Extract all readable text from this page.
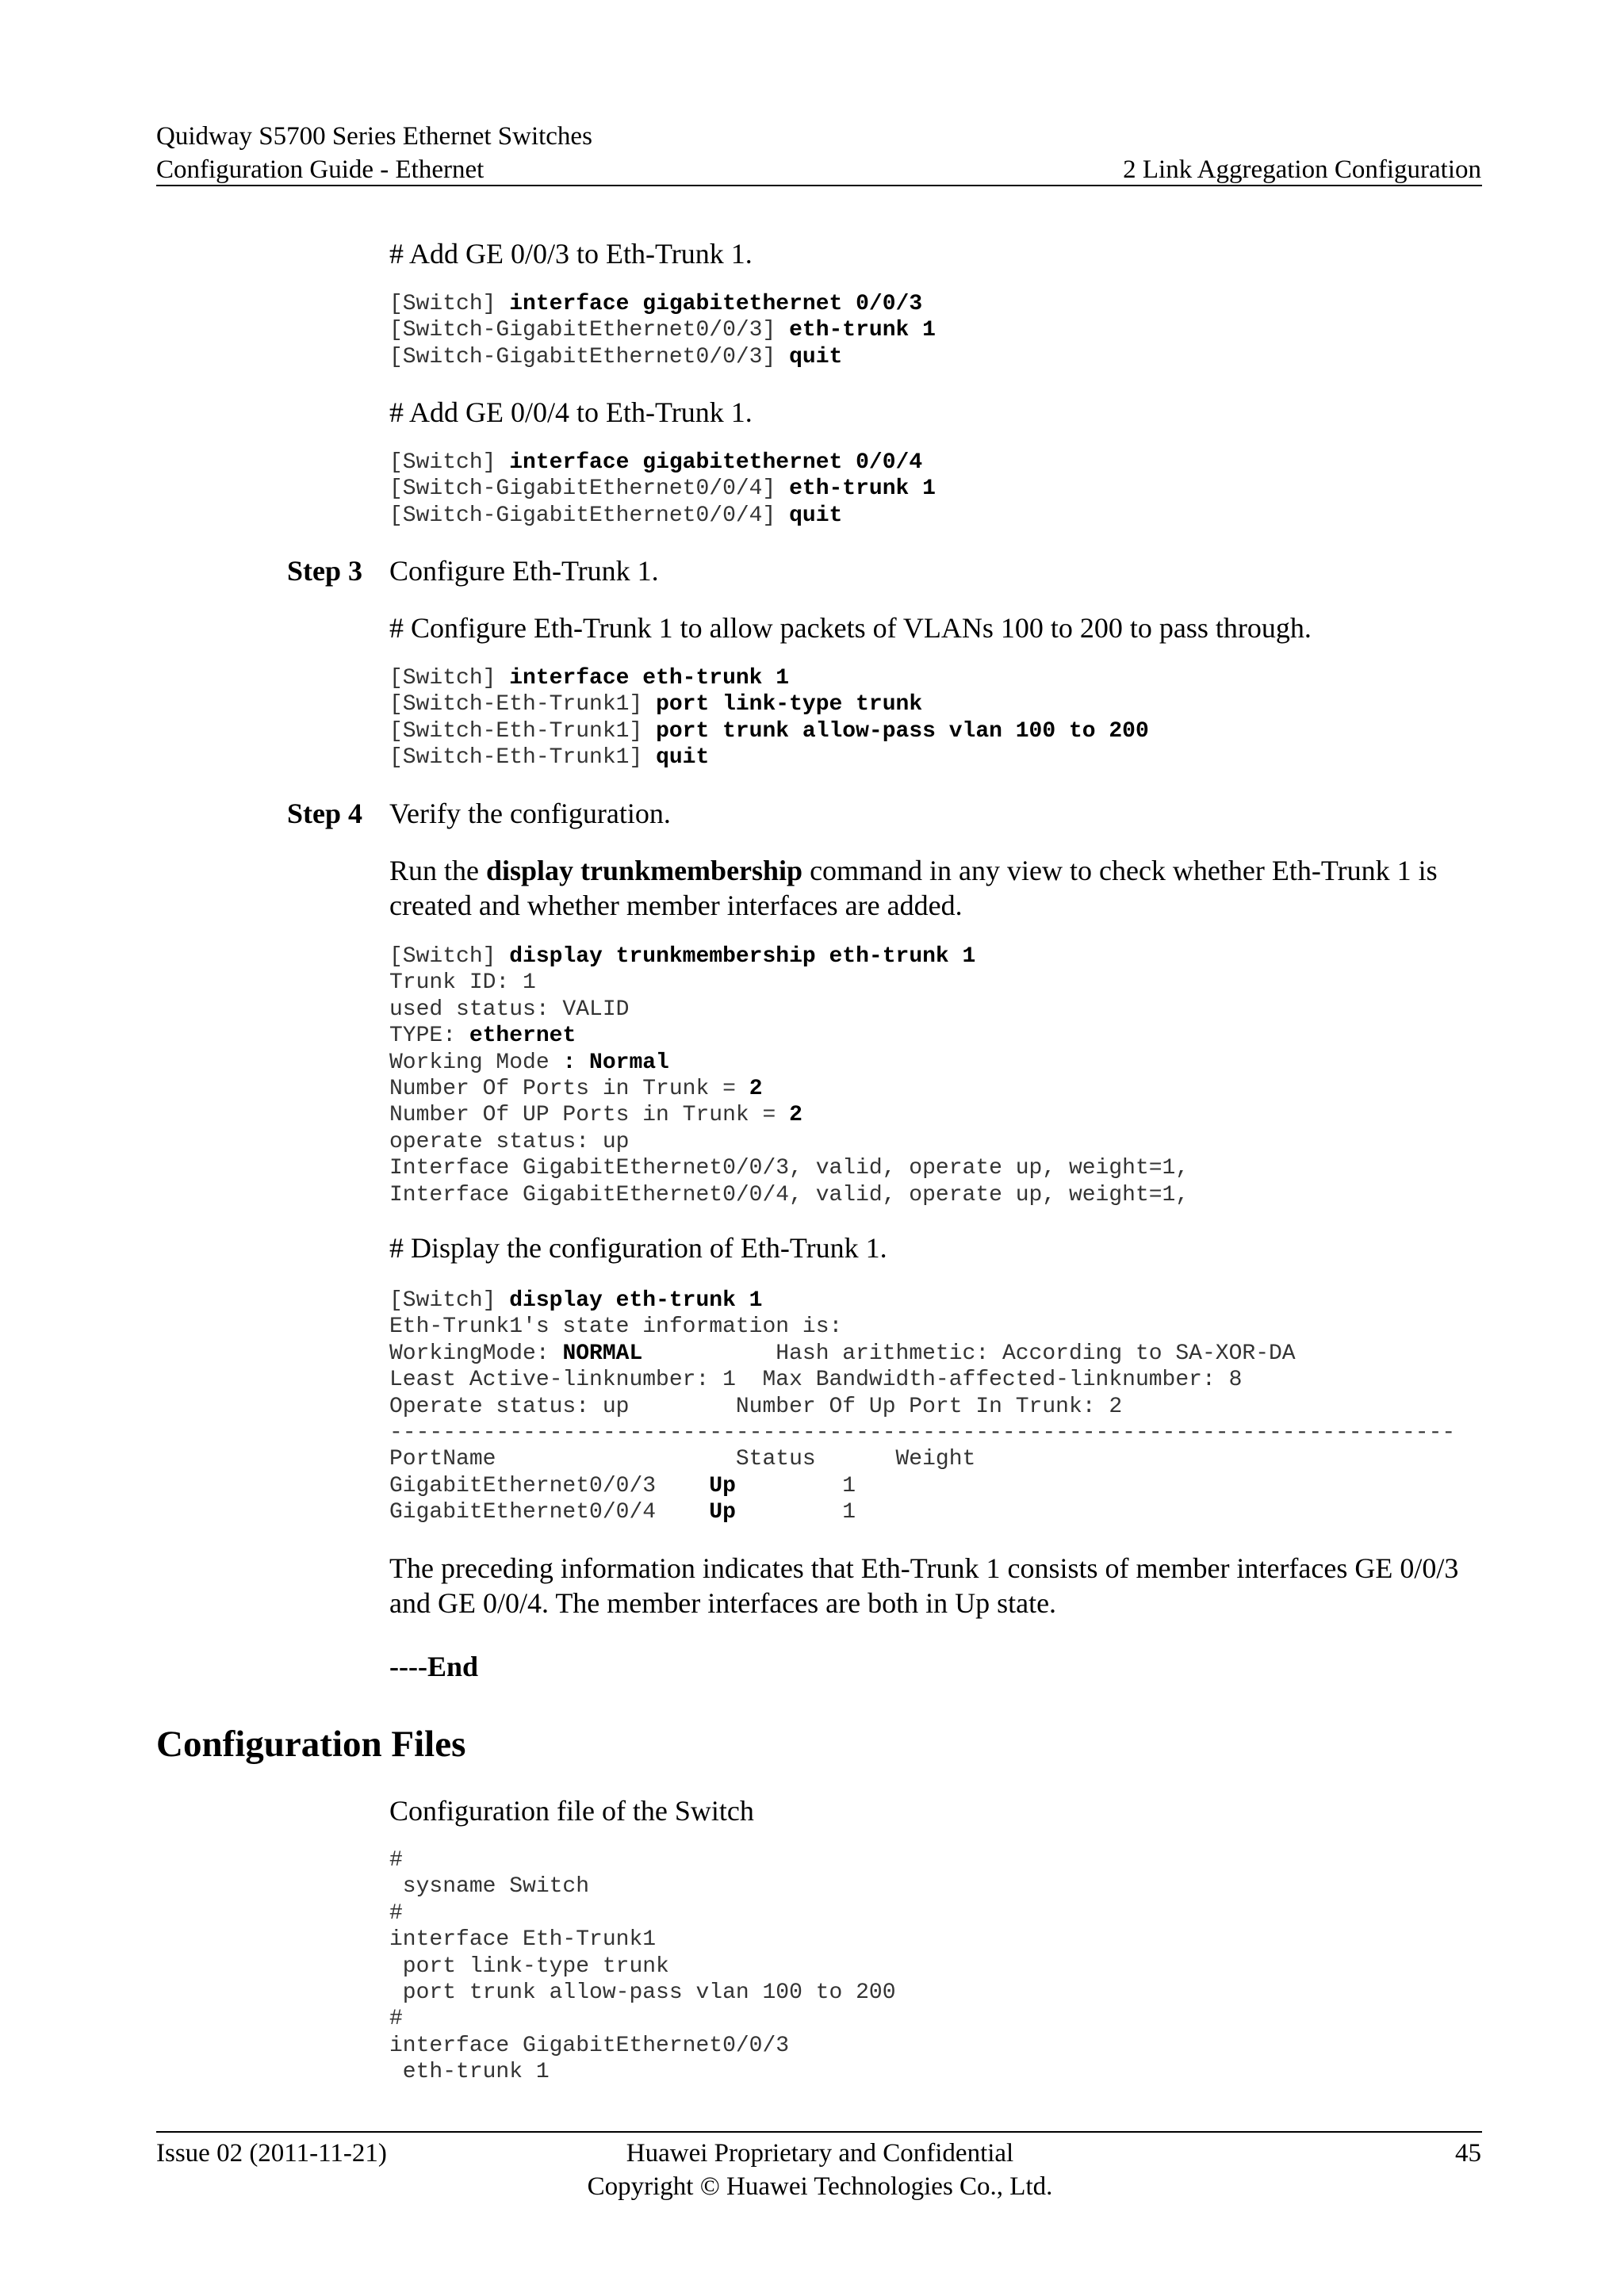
Quidway S5700 Series Ethernet Switches
Configuration Guide - Ethernet	2 Link Aggregation Configuration
# Add GE 0/0/3 to Eth-Trunk 1.
[Switch] interface gigabitethernet 0/0/3
[Switch-GigabitEthernet0/0/3] eth-trunk 1
[Switch-GigabitEthernet0/0/3] quit
# Add GE 0/0/4 to Eth-Trunk 1.
[Switch] interface gigabitethernet 0/0/4
[Switch-GigabitEthernet0/0/4] eth-trunk 1
[Switch-GigabitEthernet0/0/4] quit
Step 3 Configure Eth-Trunk 1.
# Configure Eth-Trunk 1 to allow packets of VLANs 100 to 200 to pass through.
[Switch] interface eth-trunk 1
[Switch-Eth-Trunk1] port link-type trunk
[Switch-Eth-Trunk1] port trunk allow-pass vlan 100 to 200
[Switch-Eth-Trunk1] quit
Step 4 Verify the configuration.
Run the display trunkmembership command in any view to check whether Eth-Trunk 1 is created and whether member interfaces are added.
[Switch] display trunkmembership eth-trunk 1
Trunk ID: 1
used status: VALID
TYPE: ethernet
Working Mode : Normal
Number Of Ports in Trunk = 2
Number Of UP Ports in Trunk = 2
operate status: up
Interface GigabitEthernet0/0/3, valid, operate up, weight=1,
Interface GigabitEthernet0/0/4, valid, operate up, weight=1,
# Display the configuration of Eth-Trunk 1.
[Switch] display eth-trunk 1
Eth-Trunk1's state information is:
WorkingMode: NORMAL          Hash arithmetic: According to SA-XOR-DA
Least Active-linknumber: 1  Max Bandwidth-affected-linknumber: 8
Operate status: up        Number Of Up Port In Trunk: 2
--------------------------------------------------------------------------------
PortName                  Status      Weight
GigabitEthernet0/0/3    Up        1
GigabitEthernet0/0/4    Up        1
The preceding information indicates that Eth-Trunk 1 consists of member interfaces GE 0/0/3 and GE 0/0/4. The member interfaces are both in Up state.
----End
Configuration Files
Configuration file of the Switch
#
sysname Switch
#
interface Eth-Trunk1
port link-type trunk
port trunk allow-pass vlan 100 to 200
#
interface GigabitEthernet0/0/3
eth-trunk 1
Issue 02 (2011-11-21)	Huawei Proprietary and Confidential
Copyright © Huawei Technologies Co., Ltd.
45
